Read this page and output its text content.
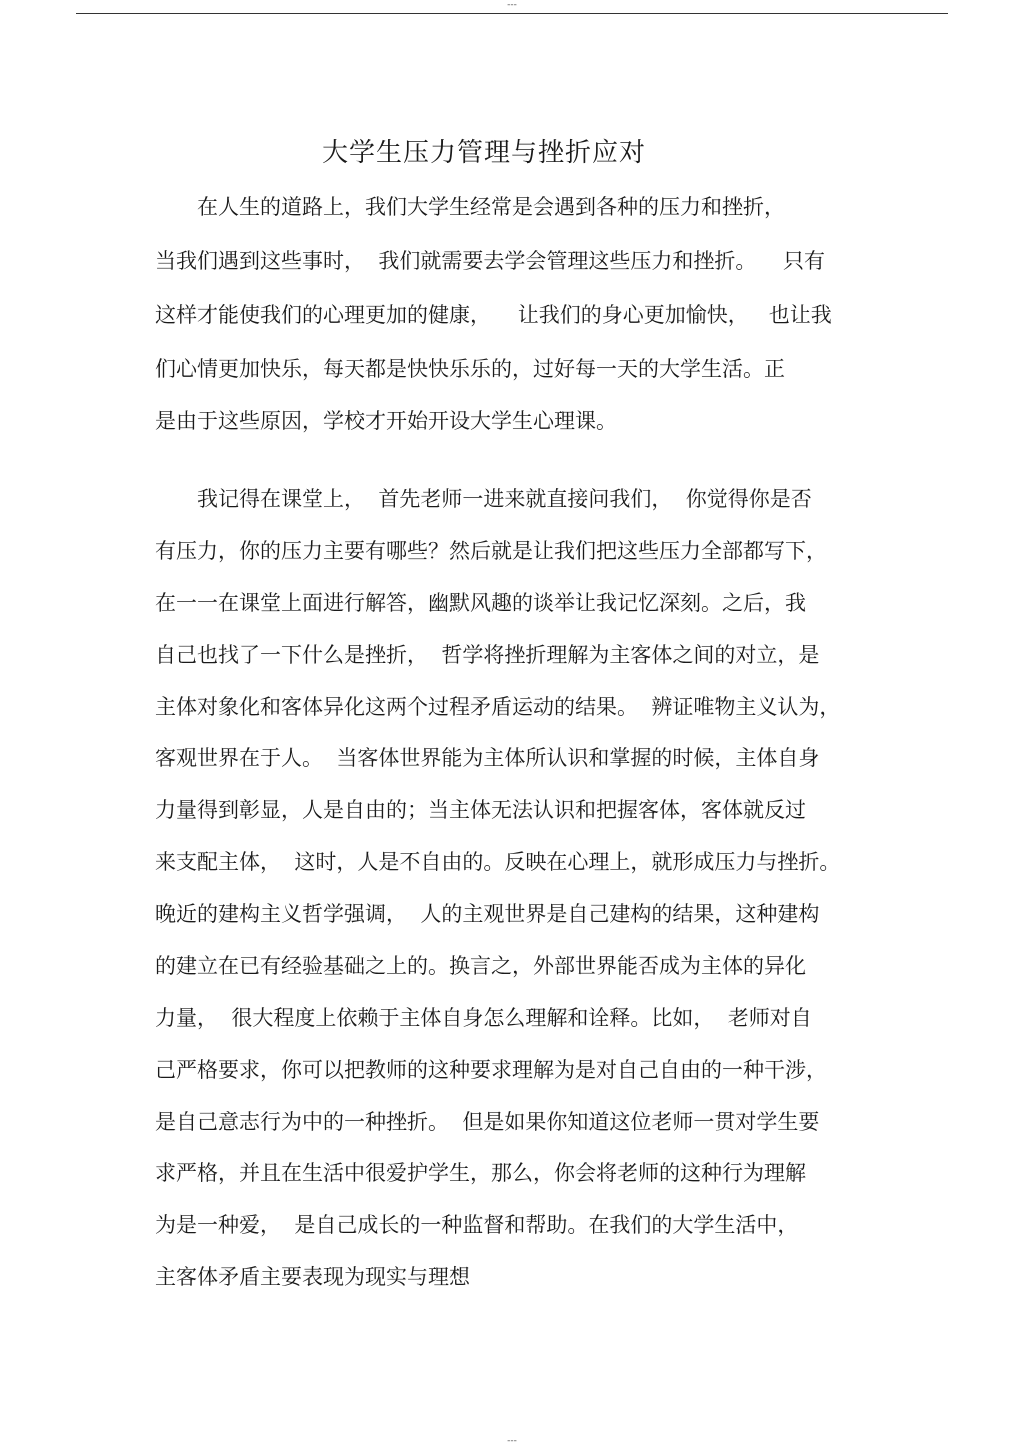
---
大学生压力管理与挫折应对
　　在人生的道路上，我们大学生经常是会遇到各种的压力和挫折，
当我们遇到这些事时，  我们就需要去学会管理这些压力和挫折。    只有
这样才能使我们的心理更加的健康，    让我们的身心更加愉快，   也让我
们心情更加快乐，每天都是快快乐乐的，过好每一天的大学生活。正
是由于这些原因，学校才开始开设大学生心理课。
　　我记得在课堂上，  首先老师一进来就直接问我们，  你觉得你是否
有压力，你的压力主要有哪些？然后就是让我们把这些压力全部都写下，
在一一在课堂上面进行解答，幽默风趣的谈举让我记忆深刻。之后，我
自己也找了一下什么是挫折，  哲学将挫折理解为主客体之间的对立，是
主体对象化和客体异化这两个过程矛盾运动的结果。  辨证唯物主义认为，
客观世界在于人。  当客体世界能为主体所认识和掌握的时候，主体自身
力量得到彰显，人是自由的；当主体无法认识和把握客体，客体就反过
来支配主体，  这时，人是不自由的。反映在心理上，就形成压力与挫折。
晚近的建构主义哲学强调，  人的主观世界是自己建构的结果，这种建构
的建立在已有经验基础之上的。换言之，外部世界能否成为主体的异化
力量，  很大程度上依赖于主体自身怎么理解和诠释。比如，  老师对自
己严格要求，你可以把教师的这种要求理解为是对自己自由的一种干涉，
是自己意志行为中的一种挫折。  但是如果你知道这位老师一贯对学生要
求严格，并且在生活中很爱护学生，那么，你会将老师的这种行为理解
为是一种爱，  是自己成长的一种监督和帮助。在我们的大学生活中，
主客体矛盾主要表现为现实与理想
---
